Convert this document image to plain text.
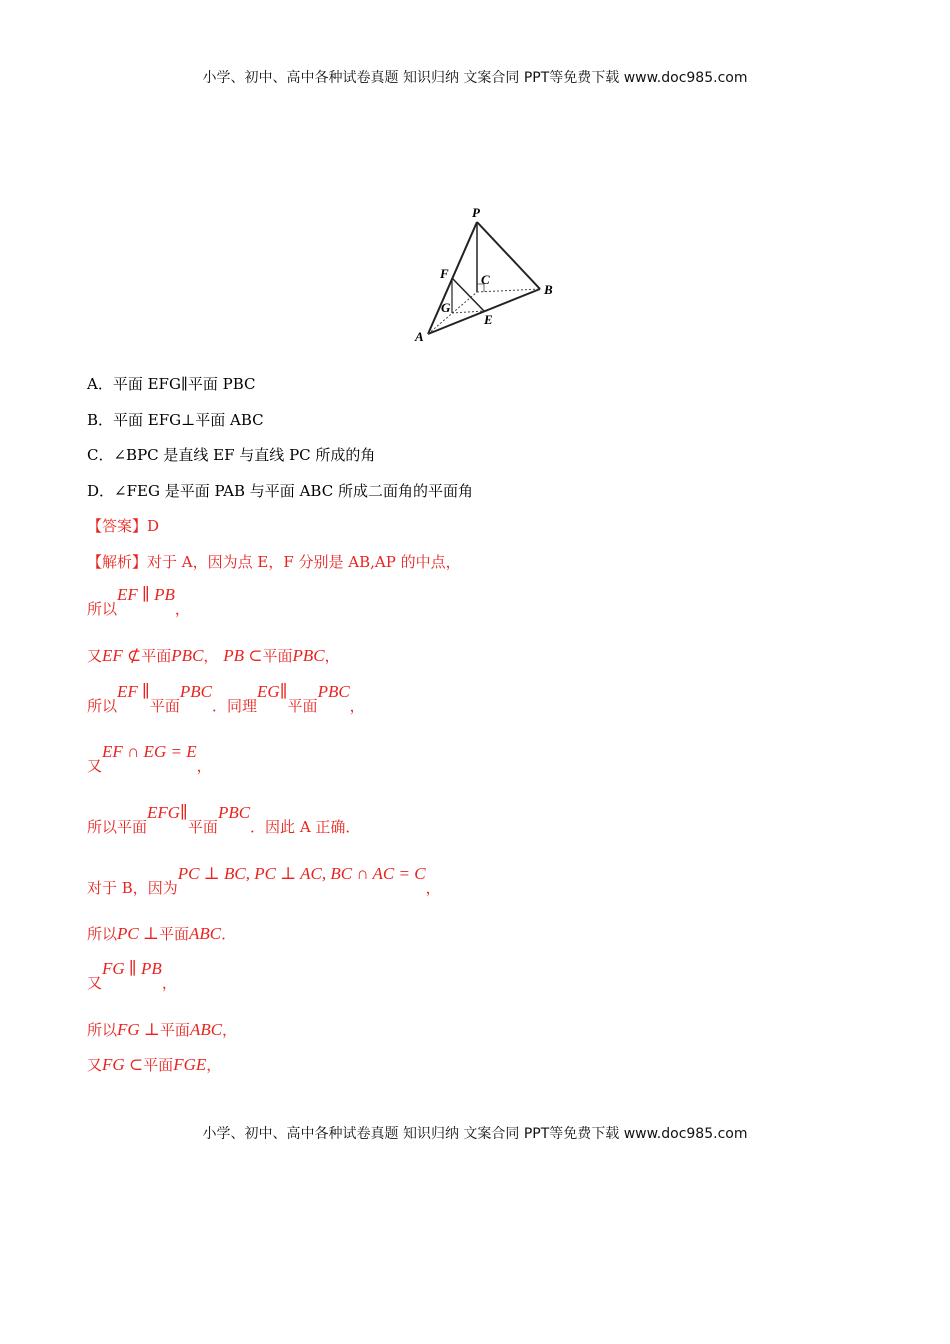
小学、初中、高中各种试卷真题 知识归纳 文案合同 PPT等免费下载 www.doc985.com
P
F C
B
G
E
A
A．平面 EFG∥平面 PBC
B．平面 EFG⊥平面 ABC
C．∠BPC 是直线 EF 与直线 PC 所成的角
D．∠FEG 是平面 PAB 与平面 ABC 所成二面角的平面角
【答案】D
【解析】对于 A，因为点 E，F 分别是 AB,AP 的中点，
所以EF ∥ PB，
又EF ⊄平面PBC， PB ⊂平面PBC，
所以EF ∥平面PBC．同理EG∥平面PBC，
又EF ∩ EG = E，
所以平面EFG∥平面PBC．因此 A 正确．
对于 B，因为PC ⊥ BC, PC ⊥ AC, BC ∩ AC = C，
所以PC ⊥平面ABC．
又FG ∥ PB，
所以FG ⊥平面ABC，
又FG ⊂平面FGE，
小学、初中、高中各种试卷真题 知识归纳 文案合同 PPT等免费下载 www.doc985.com
